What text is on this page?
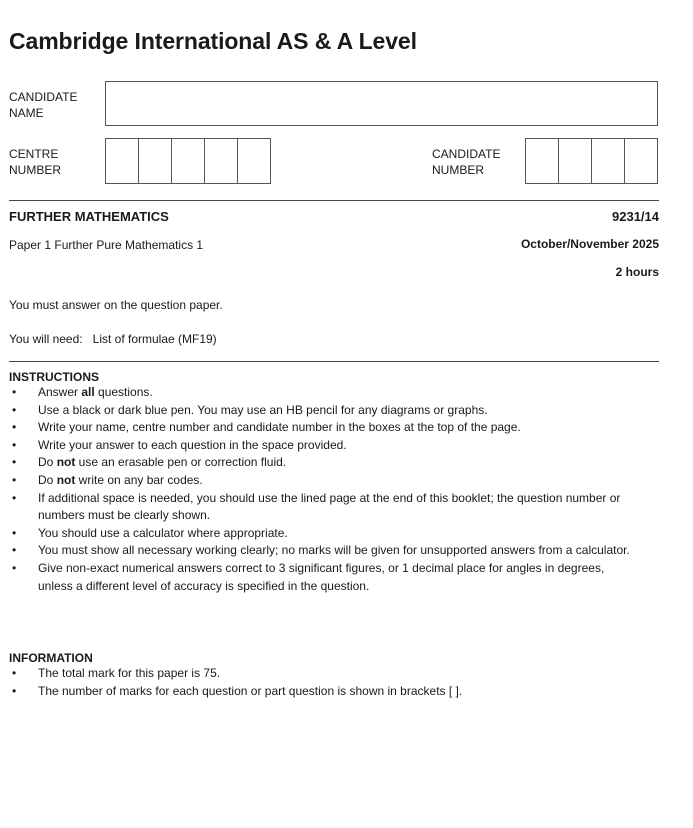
Cambridge International AS & A Level
CANDIDATE
NAME
CENTRE
NUMBER
CANDIDATE
NUMBER
FURTHER MATHEMATICS	9231/14
Paper 1 Further Pure Mathematics 1	October/November 2025
2 hours
You must answer on the question paper.
You will need: List of formulae (MF19)
INSTRUCTIONS
• Answer all questions.
• Use a black or dark blue pen. You may use an HB pencil for any diagrams or graphs.
• Write your name, centre number and candidate number in the boxes at the top of the page.
• Write your answer to each question in the space provided.
• Do not use an erasable pen or correction fluid.
• Do not write on any bar codes.
• If additional space is needed, you should use the lined page at the end of this booklet; the question number or numbers must be clearly shown.
• You should use a calculator where appropriate.
• You must show all necessary working clearly; no marks will be given for unsupported answers from a calculator.
• Give non-exact numerical answers correct to 3 significant figures, or 1 decimal place for angles in degrees, unless a different level of accuracy is specified in the question.
INFORMATION
• The total mark for this paper is 75.
• The number of marks for each question or part question is shown in brackets [ ].
